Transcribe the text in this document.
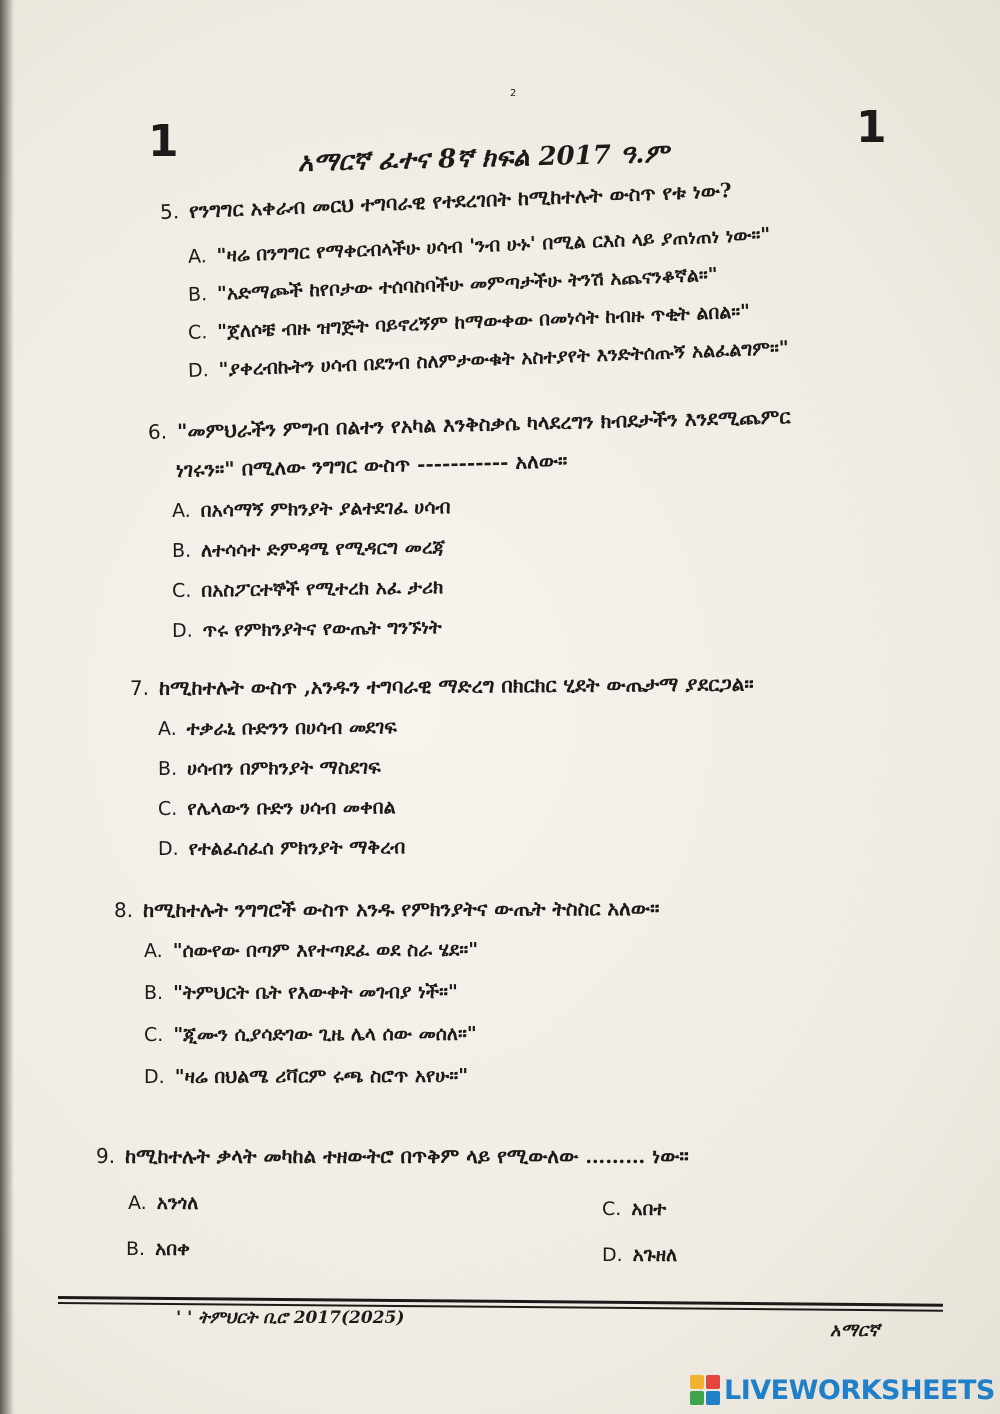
1	1
2
አማርኛ ፈተና 8ኛ ክፍል 2017 ዓ.ም
5. የንግግር አቀራብ መርህ ተግባራዊ የተደረገበት ከሚከተሉት ውስጥ የቱ ነው?
A. "ዛሬ በንግግር የማቀርብላችሁ ሀሳብ 'ንብ ሁኑ' በሚል ርእስ ላይ ያጠነጠነ ነው።"
B. "አድማጮች ከየቦታው ተሰባስባችሁ መምጣታችሁ ትንሽ አጨናንቆኛል።"
C. "ጀለሶቼ ብዙ ዝግጅት ባይኖረኝም ከማውቀው በመነሳት ከብዙ ጥቂት ልበል።"
D. "ያቀረብኩትን ሀሳብ በደንብ ስለምታውቁት አስተያየት እንድትሰጡኝ አልፈልግም።"
6. "መምህራችን ምግብ በልተን የአካል እንቅስቃሴ ካላደረግን ክብደታችን እንደሚጨምር
ነገሩን።" በሚለው ንግግር ውስጥ ----------- አለው።
A. በአሳማኝ ምክንያት ያልተደገፈ ሀሳብ
B. ለተሳሳተ ድምዳሜ የሚዳርግ መረጃ
C. በአስፖርተኞች የሚተረክ አፈ ታሪክ
D. ጥሩ የምክንያትና የውጤት ግንኙነት
7. ከሚከተሉት ውስጥ ,አንዱን ተግባራዊ ማድረግ በክርክር ሂደት ውጤታማ ያደርጋል።
A. ተቃራኒ ቡድንን በሀሳብ መደገፍ
B. ሀሳብን በምክንያት ማስደገፍ
C. የሌላውን ቡድን ሀሳብ መቀበል
D. የተልፈሰፈሰ ምክንያት ማቅረብ
8. ከሚከተሉት ንግግሮች ውስጥ አንዱ የምክንያትና ውጤት ትስስር አለው።
A. "ሰውየው በጣም እየተጣደፈ ወደ ስራ ሄደ።"
B. "ትምህርት ቤት የእውቀት መገብያ ነች።"
C. "ጂሙን ሲያሳድገው ጊዜ ሌላ ሰው መሰለ።"
D. "ዛሬ በህልሜ ሪቫርም ሩጫ ስሮጥ አየሁ።"
9. ከሚከተሉት ቃላት መካከል ተዘውትሮ በጥቅም ላይ የሚውለው ……… ነው።
A. አንጎለ
B. አበቀ
C. አበተ
D. አጉዘለ
' ' ትምህርት ቢሮ 2017(2025)
አማርኛ
LIVEWORKSHEETS
